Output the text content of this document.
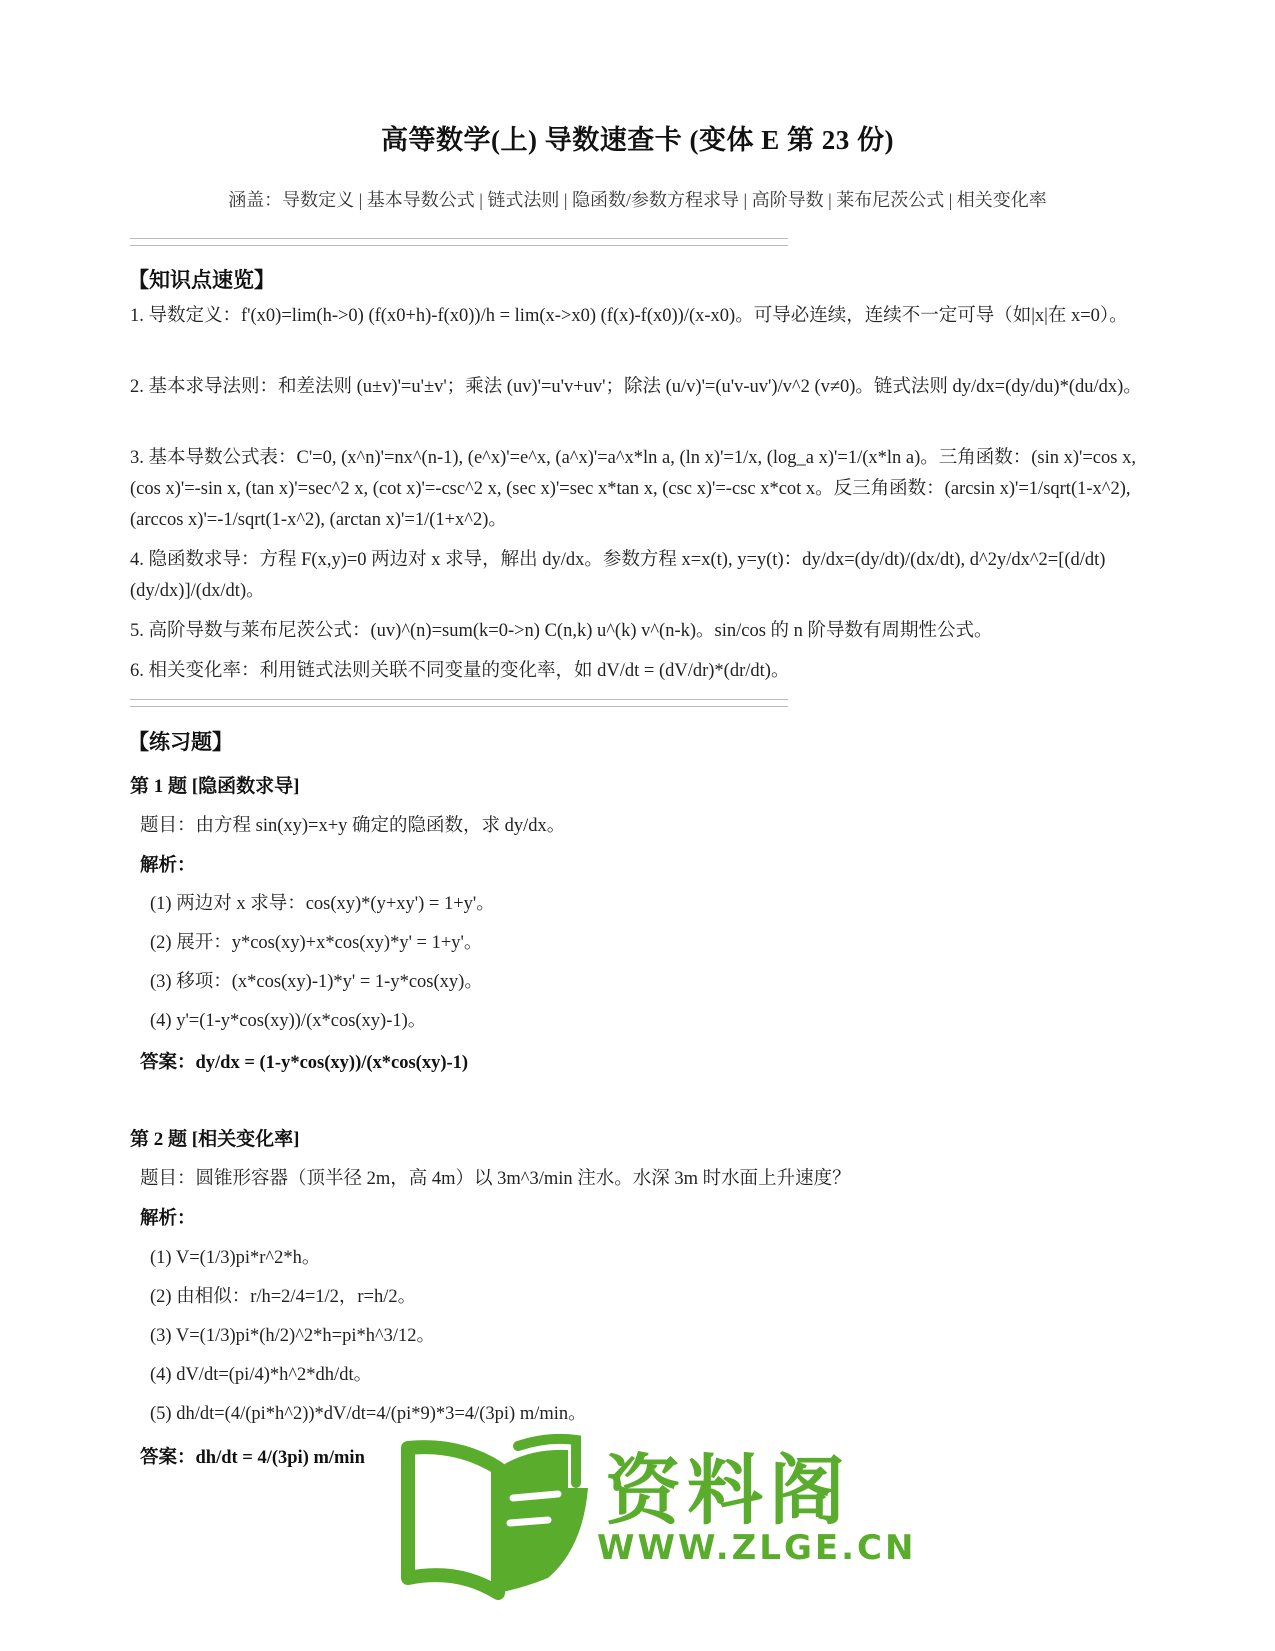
高等数学(上) 导数速查卡 (变体 E 第 23 份)
涵盖：导数定义 | 基本导数公式 | 链式法则 | 隐函数/参数方程求导 | 高阶导数 | 莱布尼茨公式 | 相关变化率
【知识点速览】
1. 导数定义：f'(x0)=lim(h->0) (f(x0+h)-f(x0))/h = lim(x->x0) (f(x)-f(x0))/(x-x0)。可导必连续，连续不一定可导（如|x|在 x=0）。
2. 基本求导法则：和差法则 (u±v)'=u'±v'；乘法 (uv)'=u'v+uv'；除法 (u/v)'=(u'v-uv')/v^2 (v≠0)。链式法则 dy/dx=(dy/du)*(du/dx)。
3. 基本导数公式表：C'=0, (x^n)'=nx^(n-1), (e^x)'=e^x, (a^x)'=a^x*ln a, (ln x)'=1/x, (log_a x)'=1/(x*ln a)。三角函数：(sin x)'=cos x, (cos x)'=-sin x, (tan x)'=sec^2 x, (cot x)'=-csc^2 x, (sec x)'=sec x*tan x, (csc x)'=-csc x*cot x。反三角函数：(arcsin x)'=1/sqrt(1-x^2), (arccos x)'=-1/sqrt(1-x^2), (arctan x)'=1/(1+x^2)。
4. 隐函数求导：方程 F(x,y)=0 两边对 x 求导，解出 dy/dx。参数方程 x=x(t), y=y(t)：dy/dx=(dy/dt)/(dx/dt), d^2y/dx^2=[(d/dt)(dy/dx)]/(dx/dt)。
5. 高阶导数与莱布尼茨公式：(uv)^(n)=sum(k=0->n) C(n,k) u^(k) v^(n-k)。sin/cos 的 n 阶导数有周期性公式。
6. 相关变化率：利用链式法则关联不同变量的变化率，如 dV/dt = (dV/dr)*(dr/dt)。
【练习题】
第 1 题 [隐函数求导]
题目：由方程 sin(xy)=x+y 确定的隐函数，求 dy/dx。
解析：
(1) 两边对 x 求导：cos(xy)*(y+xy') = 1+y'。
(2) 展开：y*cos(xy)+x*cos(xy)*y' = 1+y'。
(3) 移项：(x*cos(xy)-1)*y' = 1-y*cos(xy)。
(4) y'=(1-y*cos(xy))/(x*cos(xy)-1)。
答案：dy/dx = (1-y*cos(xy))/(x*cos(xy)-1)
第 2 题 [相关变化率]
题目：圆锥形容器（顶半径 2m，高 4m）以 3m^3/min 注水。水深 3m 时水面上升速度？
解析：
(1) V=(1/3)pi*r^2*h。
(2) 由相似：r/h=2/4=1/2，r=h/2。
(3) V=(1/3)pi*(h/2)^2*h=pi*h^3/12。
(4) dV/dt=(pi/4)*h^2*dh/dt。
(5) dh/dt=(4/(pi*h^2))*dV/dt=4/(pi*9)*3=4/(3pi) m/min。
答案：dh/dt = 4/(3pi) m/min	资料阁
WWW.ZLGE.CN
